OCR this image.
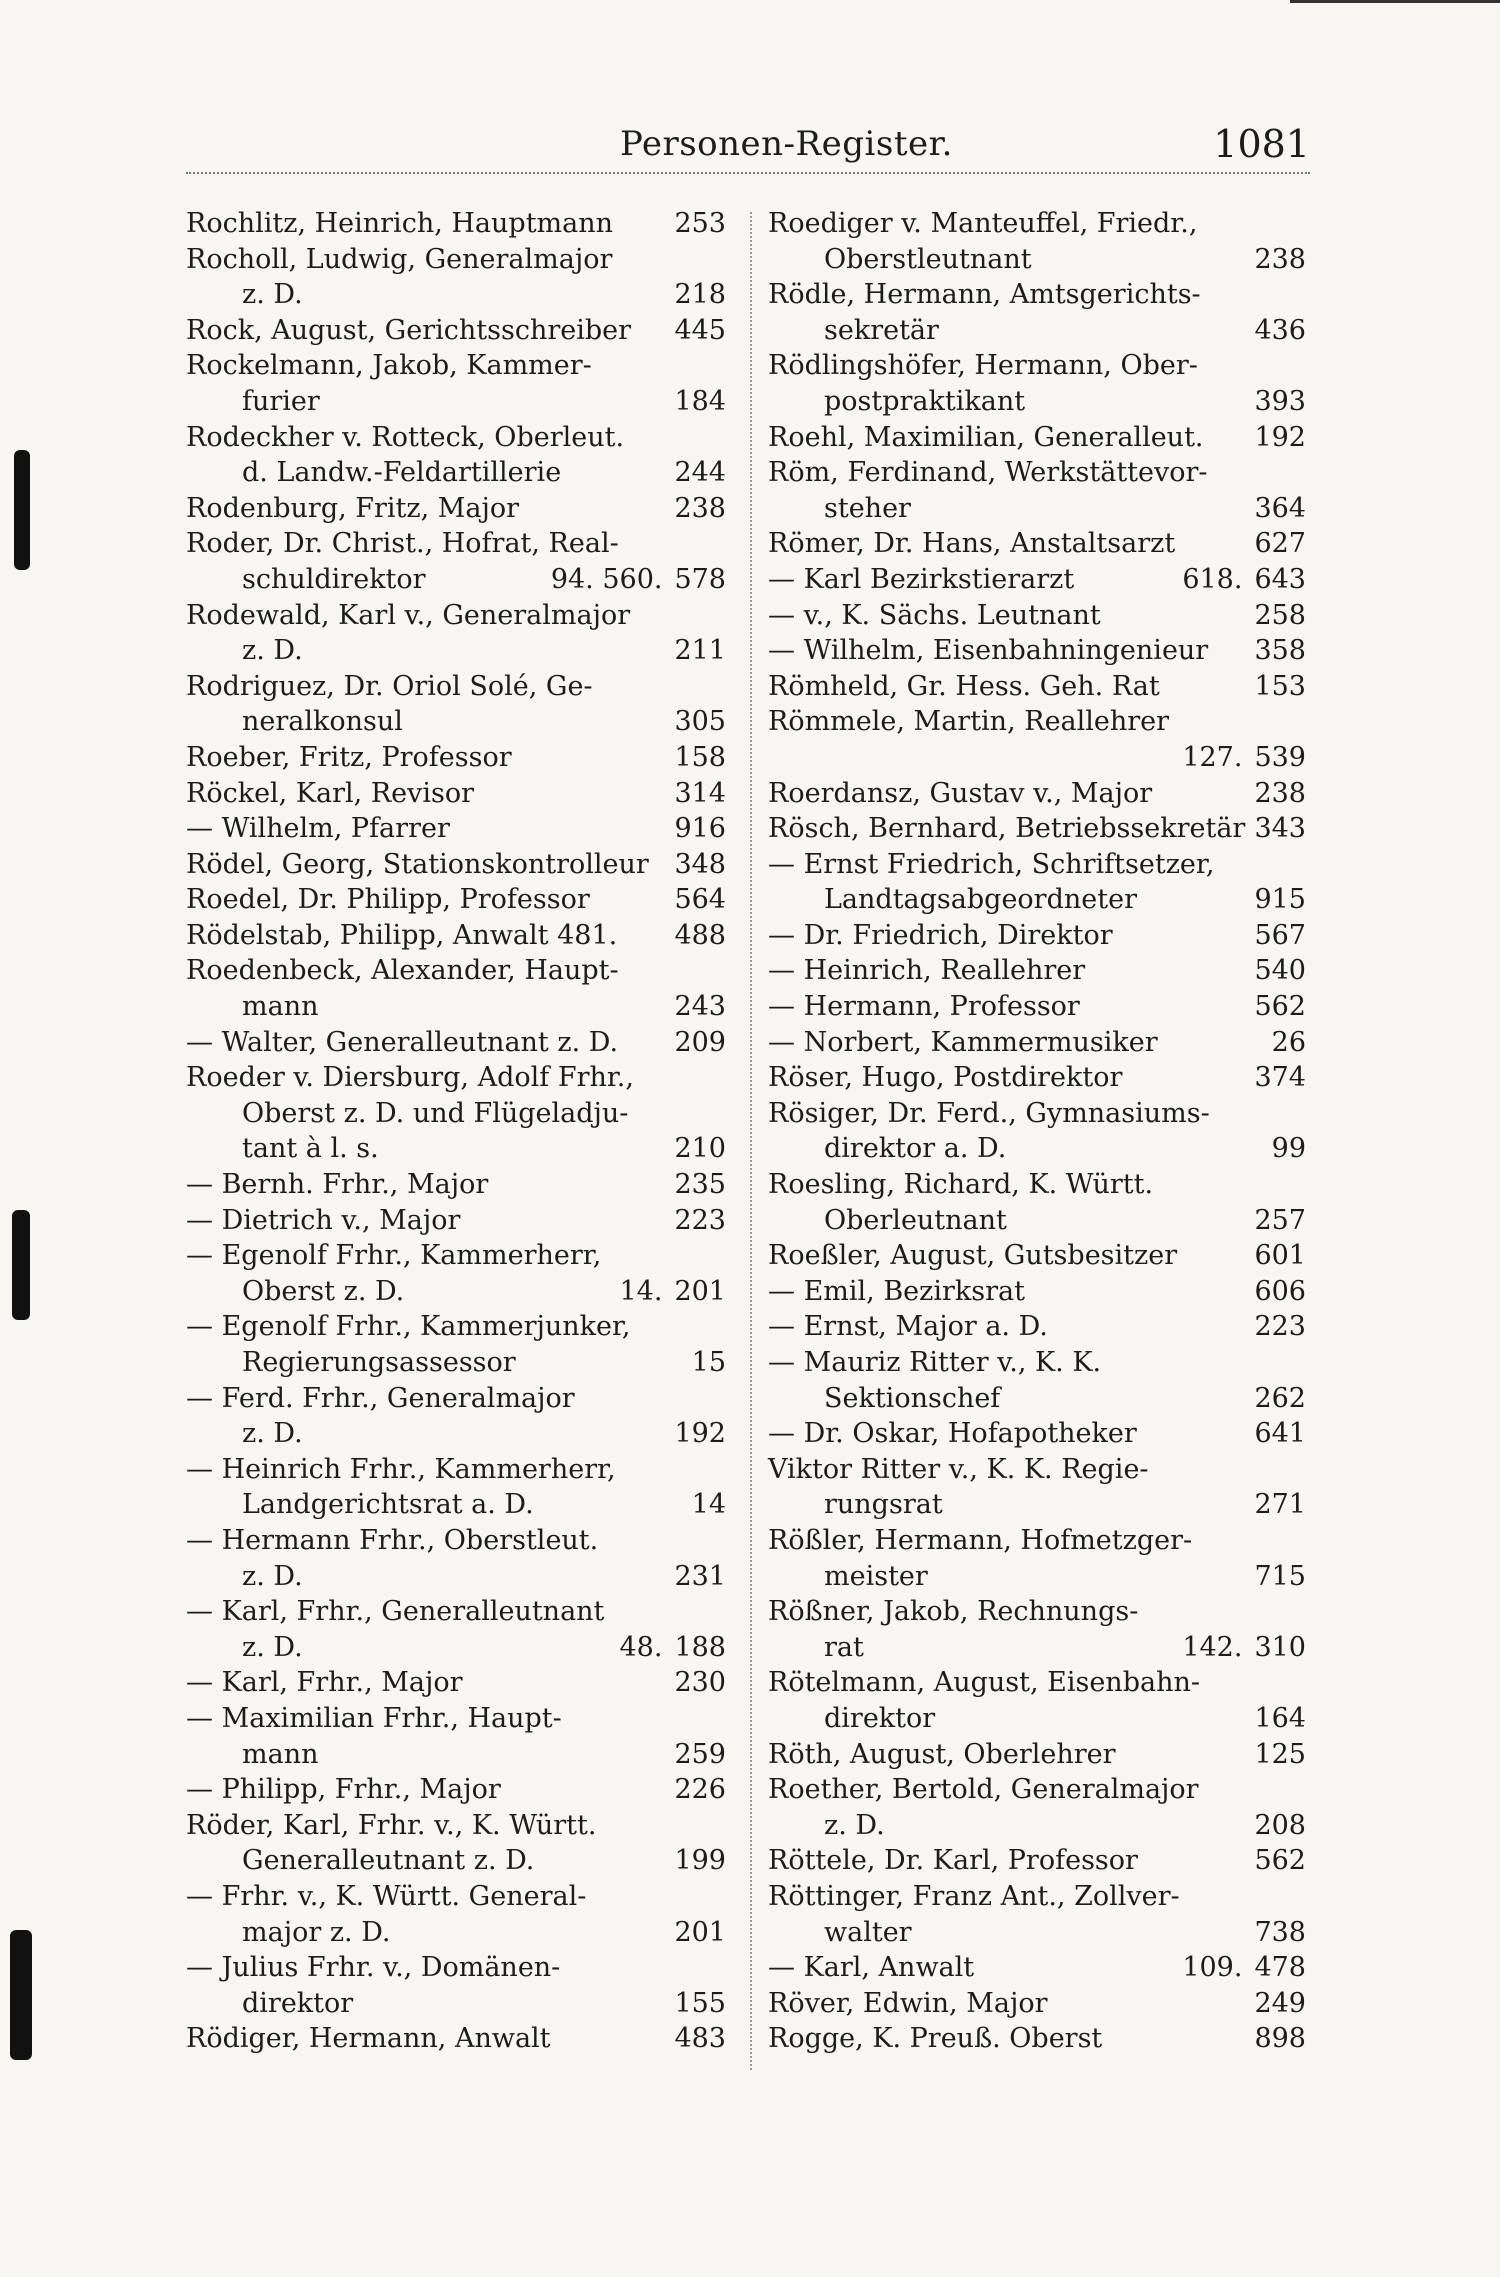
Personen-Register.	1081
Rochlitz, Heinrich, Hauptmann 253
Rocholl, Ludwig, Generalmajor
z. D.	218
Rock, August, Gerichtsschreiber 445
Rockelmann, Jakob, Kammer-
furier	184
Rodeckher v. Rotteck, Oberleut.
d. Landw.-Feldartillerie	244
Rodenburg, Fritz, Major	238
Roder, Dr. Christ., Hofrat, Real-
schuldirektor	94. 560. 578
Rodewald, Karl v., Generalmajor
z. D.	211
Rodriguez, Dr. Oriol Solé, Ge-
neralkonsul	305
Roeber, Fritz, Professor	158
Röckel, Karl, Revisor	314
— Wilhelm, Pfarrer	916
Rödel, Georg, Stationskontrolleur 348
Roedel, Dr. Philipp, Professor	564
Rödelstab, Philipp, Anwalt 481. 488
Roedenbeck, Alexander, Haupt-
mann	243
— Walter, Generalleutnant z. D. 209
Roeder v. Diersburg, Adolf Frhr.,
Oberst z. D. und Flügeladju-
tant à l. s.	210
— Bernh. Frhr., Major	235
— Dietrich v., Major	223
— Egenolf Frhr., Kammerherr,
Oberst z. D.	14. 201
— Egenolf Frhr., Kammerjunker,
Regierungsassessor	15
— Ferd. Frhr., Generalmajor
z. D.	192
— Heinrich Frhr., Kammerherr,
Landgerichtsrat a. D.	14
— Hermann Frhr., Oberstleut.
z. D.	231
— Karl, Frhr., Generalleutnant
z. D.	48. 188
— Karl, Frhr., Major	230
— Maximilian Frhr., Haupt-
mann	259
— Philipp, Frhr., Major	226
Röder, Karl, Frhr. v., K. Württ.
Generalleutnant z. D.	199
— Frhr. v., K. Württ. General-
major z. D.	201
— Julius Frhr. v., Domänen-
direktor	155
Rödiger, Hermann, Anwalt	483
Roediger v. Manteuffel, Friedr.,
Oberstleutnant	238
Rödle, Hermann, Amtsgerichts-
sekretär	436
Rödlingshöfer, Hermann, Ober-
postpraktikant	393
Roehl, Maximilian, Generalleut. 192
Röm, Ferdinand, Werkstättevor-
steher	364
Römer, Dr. Hans, Anstaltsarzt	627
— Karl Bezirkstierarzt	618. 643
— v., K. Sächs. Leutnant	258
— Wilhelm, Eisenbahningenieur 358
Römheld, Gr. Hess. Geh. Rat	153
Römmele, Martin, Reallehrer
127. 539
Roerdansz, Gustav v., Major	238
Rösch, Bernhard, Betriebssekretär 343
— Ernst Friedrich, Schriftsetzer,
Landtagsabgeordneter	915
— Dr. Friedrich, Direktor	567
— Heinrich, Reallehrer	540
— Hermann, Professor	562
— Norbert, Kammermusiker	26
Röser, Hugo, Postdirektor	374
Rösiger, Dr. Ferd., Gymnasiums-
direktor a. D.	99
Roesling, Richard, K. Württ.
Oberleutnant	257
Roeßler, August, Gutsbesitzer	601
— Emil, Bezirksrat	606
— Ernst, Major a. D.	223
— Mauriz Ritter v., K. K.
Sektionschef	262
— Dr. Oskar, Hofapotheker	641
Viktor Ritter v., K. K. Regie-
rungsrat	271
Rößler, Hermann, Hofmetzger-
meister	715
Rößner, Jakob, Rechnungs-
rat	142. 310
Rötelmann, August, Eisenbahn-
direktor	164
Röth, August, Oberlehrer	125
Roether, Bertold, Generalmajor
z. D.	208
Röttele, Dr. Karl, Professor	562
Röttinger, Franz Ant., Zollver-
walter	738
— Karl, Anwalt	109. 478
Röver, Edwin, Major	249
Rogge, K. Preuß. Oberst	898
